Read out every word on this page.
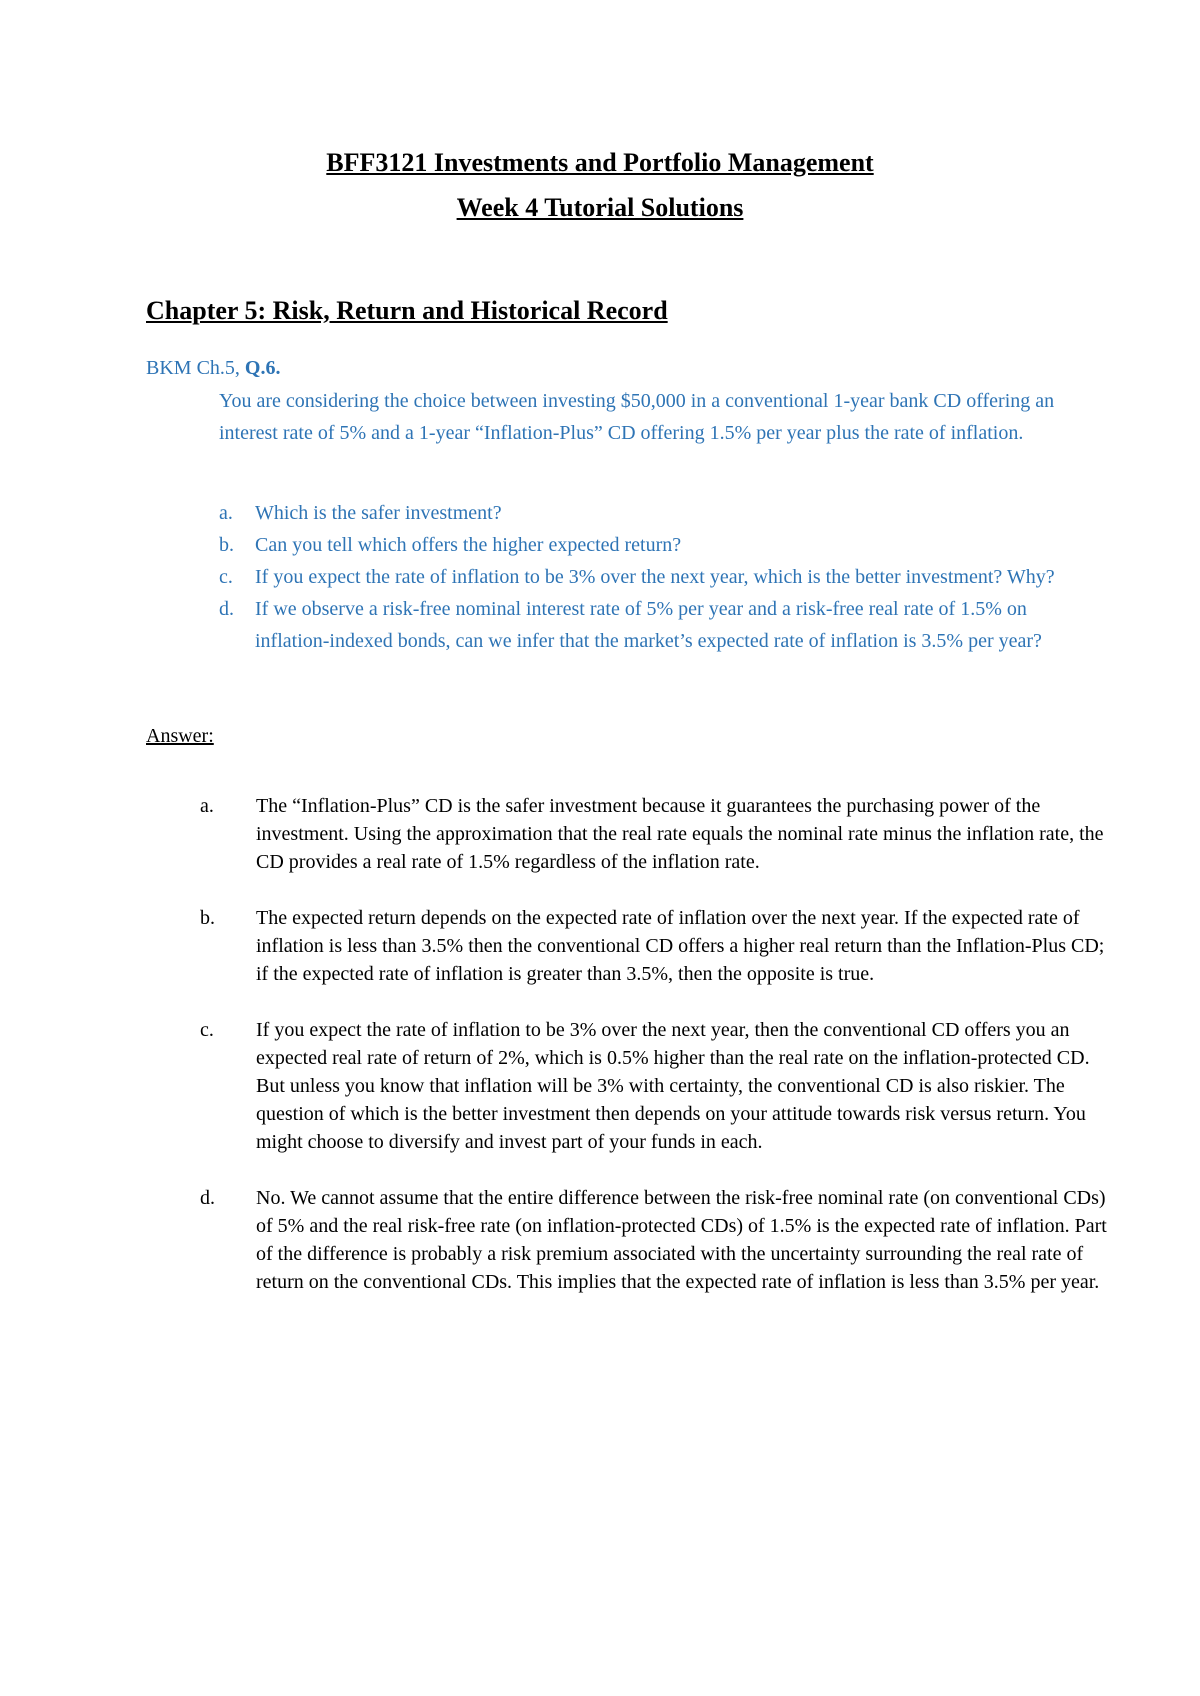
BFF3121 Investments and Portfolio Management
Week 4 Tutorial Solutions
Chapter 5: Risk, Return and Historical Record
BKM Ch.5, Q.6.
You are considering the choice between investing $50,000 in a conventional 1-year bank CD offering an interest rate of 5% and a 1-year “Inflation-Plus” CD offering 1.5% per year plus the rate of inflation.
a.	Which is the safer investment?
b.	Can you tell which offers the higher expected return?
c.	If you expect the rate of inflation to be 3% over the next year, which is the better investment? Why?
d.	If we observe a risk-free nominal interest rate of 5% per year and a risk-free real rate of 1.5% on inflation-indexed bonds, can we infer that the market’s expected rate of inflation is 3.5% per year?
Answer:
a.	The “Inflation-Plus” CD is the safer investment because it guarantees the purchasing power of the investment. Using the approximation that the real rate equals the nominal rate minus the inflation rate, the CD provides a real rate of 1.5% regardless of the inflation rate.
b.	The expected return depends on the expected rate of inflation over the next year. If the expected rate of inflation is less than 3.5% then the conventional CD offers a higher real return than the Inflation-Plus CD; if the expected rate of inflation is greater than 3.5%, then the opposite is true.
c.	If you expect the rate of inflation to be 3% over the next year, then the conventional CD offers you an expected real rate of return of 2%, which is 0.5% higher than the real rate on the inflation-protected CD. But unless you know that inflation will be 3% with certainty, the conventional CD is also riskier. The question of which is the better investment then depends on your attitude towards risk versus return. You might choose to diversify and invest part of your funds in each.
d.	No. We cannot assume that the entire difference between the risk-free nominal rate (on conventional CDs) of 5% and the real risk-free rate (on inflation-protected CDs) of 1.5% is the expected rate of inflation. Part of the difference is probably a risk premium associated with the uncertainty surrounding the real rate of return on the conventional CDs. This implies that the expected rate of inflation is less than 3.5% per year.
